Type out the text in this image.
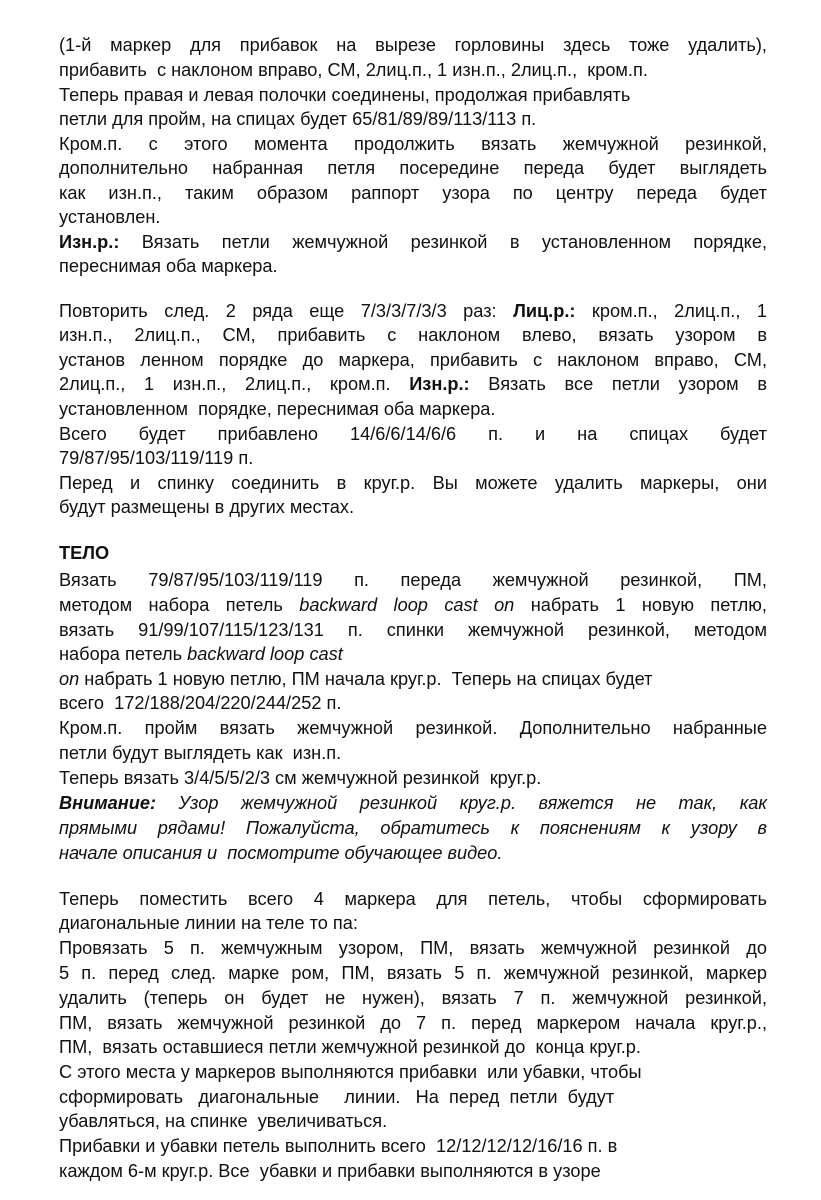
(1-й маркер для прибавок на вырезе горловины здесь тоже удалить),
прибавить  с наклоном вправо, СМ, 2лиц.п., 1 изн.п., 2лиц.п.,  кром.п.
Теперь правая и левая полочки соединены, продолжая прибавлять
петли для пройм, на спицах будет 65/81/89/89/113/113 п.
Кром.п. с этого момента продолжить вязать жемчужной резинкой,
дополнительно набранная петля посередине переда будет выглядеть
как изн.п., таким образом раппорт узора по центру переда будет
установлен.
Изн.р.: Вязать петли жемчужной резинкой в установленном порядке,
переснимая оба маркера.
Повторить след. 2 ряда еще 7/3/3/7/3/3 раз: Лиц.р.: кром.п., 2лиц.п., 1
изн.п., 2лиц.п., СМ, прибавить с наклоном влево, вязать узором в
установ ленном порядке до маркера, прибавить с наклоном вправо, СМ,
2лиц.п., 1 изн.п., 2лиц.п., кром.п. Изн.р.: Вязать все петли узором в
установленном  порядке, переснимая оба маркера.
Всего будет прибавлено 14/6/6/14/6/6 п. и на спицах будет
79/87/95/103/119/119 п.
Перед и спинку соединить в круг.р. Вы можете удалить маркеры, они
будут размещены в других местах.
ТЕЛО
Вязать 79/87/95/103/119/119 п. переда жемчужной резинкой, ПМ,
методом набора петель backward loop cast on набрать 1 новую петлю,
вязать 91/99/107/115/123/131 п. спинки жемчужной резинкой, методом
набора петель backward loop cast
on набрать 1 новую петлю, ПМ начала круг.р.  Теперь на спицах будет
всего  172/188/204/220/244/252 п.
Кром.п. пройм вязать жемчужной резинкой. Дополнительно набранные
петли будут выглядеть как  изн.п.
Теперь вязать 3/4/5/5/2/3 см жемчужной резинкой  круг.р.
Внимание: Узор жемчужной резинкой круг.р. вяжется не так, как
прямыми рядами! Пожалуйста, обратитесь к пояснениям к узору в
начале описания и  посмотрите обучающее видео.
Теперь поместить всего 4 маркера для петель, чтобы сформировать
диагональные линии на теле то па:
Провязать 5 п. жемчужным узором, ПМ, вязать жемчужной резинкой до
5 п. перед след. марке ром, ПМ, вязать 5 п. жемчужной резинкой, маркер
удалить (теперь он будет не нужен), вязать 7 п. жемчужной резинкой,
ПМ, вязать жемчужной резинкой до 7 п. перед маркером начала круг.р.,
ПМ,  вязать оставшиеся петли жемчужной резинкой до  конца круг.р.
С этого места у маркеров выполняются прибавки  или убавки, чтобы
сформировать   диагональные     линии.   На  перед  петли  будут
убавляться, на спинке  увеличиваться.
Прибавки и убавки петель выполнить всего  12/12/12/12/16/16 п. в
каждом 6-м круг.р. Все  убавки и прибавки выполняются в узоре
